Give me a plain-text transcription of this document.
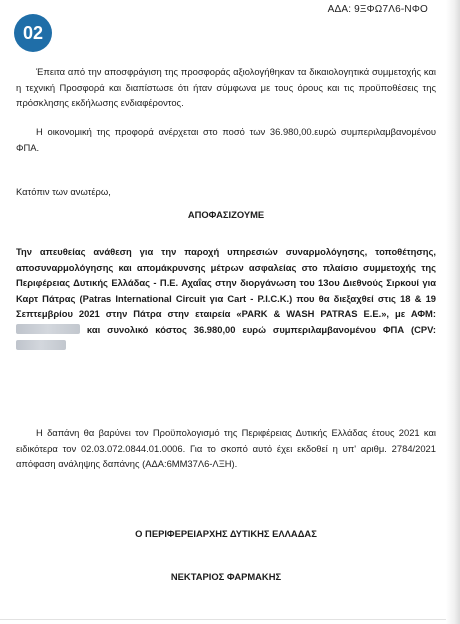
02
ΑΔΑ: 9ΞΦΩ7Λ6-ΝΦΟ

Έπειτα από την αποσφράγιση της προσφοράς αξιολογήθηκαν τα δικαιολογητικά συμμετοχής και η τεχνική Προσφορά και διαπίστωσε ότι ήταν σύμφωνα με τους όρους και τις προϋποθέσεις της πρόσκλησης εκδήλωσης ενδιαφέροντος.

Η οικονομική της προφορά ανέρχεται στο ποσό των 36.980,00.ευρώ συμπεριλαμβανομένου ΦΠΑ.

Κατόπιν των ανωτέρω,

ΑΠΟΦΑΣΙΖΟΥΜΕ

Την απευθείας ανάθεση για την παροχή υπηρεσιών συναρμολόγησης, τοποθέτησης, αποσυναρμολόγησης και απομάκρυνσης μέτρων ασφαλείας στο πλαίσιο συμμετοχής της Περιφέρειας Δυτικής Ελλάδας - Π.Ε. Αχαΐας στην διοργάνωση του 13ου Διεθνούς Σιρκουί για Καρτ Πάτρας (Patras International Circuit για Cart - P.I.C.K.) που θα διεξαχθεί στις 18 & 19 Σεπτεμβρίου 2021 στην Πάτρα στην εταιρεία «PARK & WASH PATRAS E.E.», με ΑΦΜ:  και συνολικό κόστος 36.980,00 ευρώ συμπεριλαμβανομένου ΦΠΑ (CPV:

Η δαπάνη θα βαρύνει τον Προϋπολογισμό της Περιφέρειας Δυτικής Ελλάδας έτους 2021 και ειδικότερα τον 02.03.072.0844.01.0006. Για το σκοπό αυτό έχει εκδοθεί η υπ' αριθμ. 2784/2021 απόφαση ανάληψης δαπάνης (ΑΔΑ:6ΜΜ37Λ6-ΛΞΗ).

Ο ΠΕΡΙΦΕΡΕΙΑΡΧΗΣ ΔΥΤΙΚΗΣ ΕΛΛΑΔΑΣ
ΝΕΚΤΑΡΙΟΣ ΦΑΡΜΑΚΗΣ
